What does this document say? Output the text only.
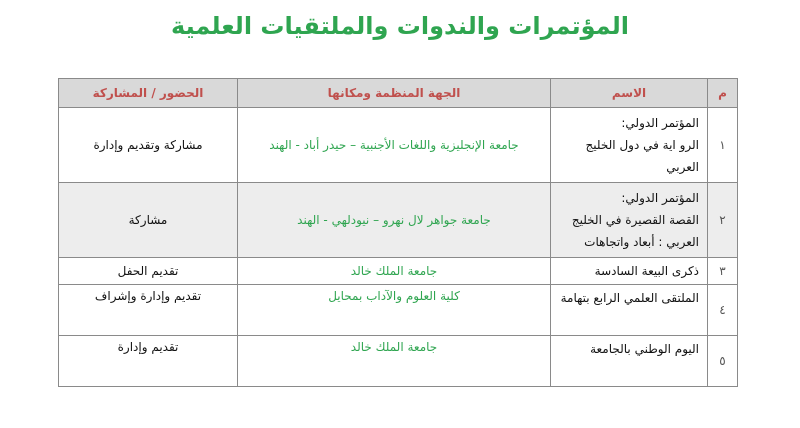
المؤتمرات والندوات والملتقيات العلمية
م	الاسم	الجهة المنظمة ومكانها	الحضور / المشاركة
١	المؤتمر الدولي:
الرو اية في دول الخليج
العربي	جامعة الإنجليزية واللغات الأجنبية – حيدر أباد - الهند	مشاركة وتقديم وإدارة
٢	المؤتمر الدولي:
القصة القصيرة في الخليج
العربي : أبعاد واتجاهات	جامعة جواهر لال نهرو – نيودلهي - الهند	مشاركة
٣	ذكرى البيعة السادسة	جامعة الملك خالد	تقديم الحفل
٤	الملتقى العلمي الرابع بتهامة	كلية العلوم والآداب بمحايل	تقديم وإدارة وإشراف
٥	اليوم الوطني بالجامعة	جامعة الملك خالد	تقديم وإدارة
